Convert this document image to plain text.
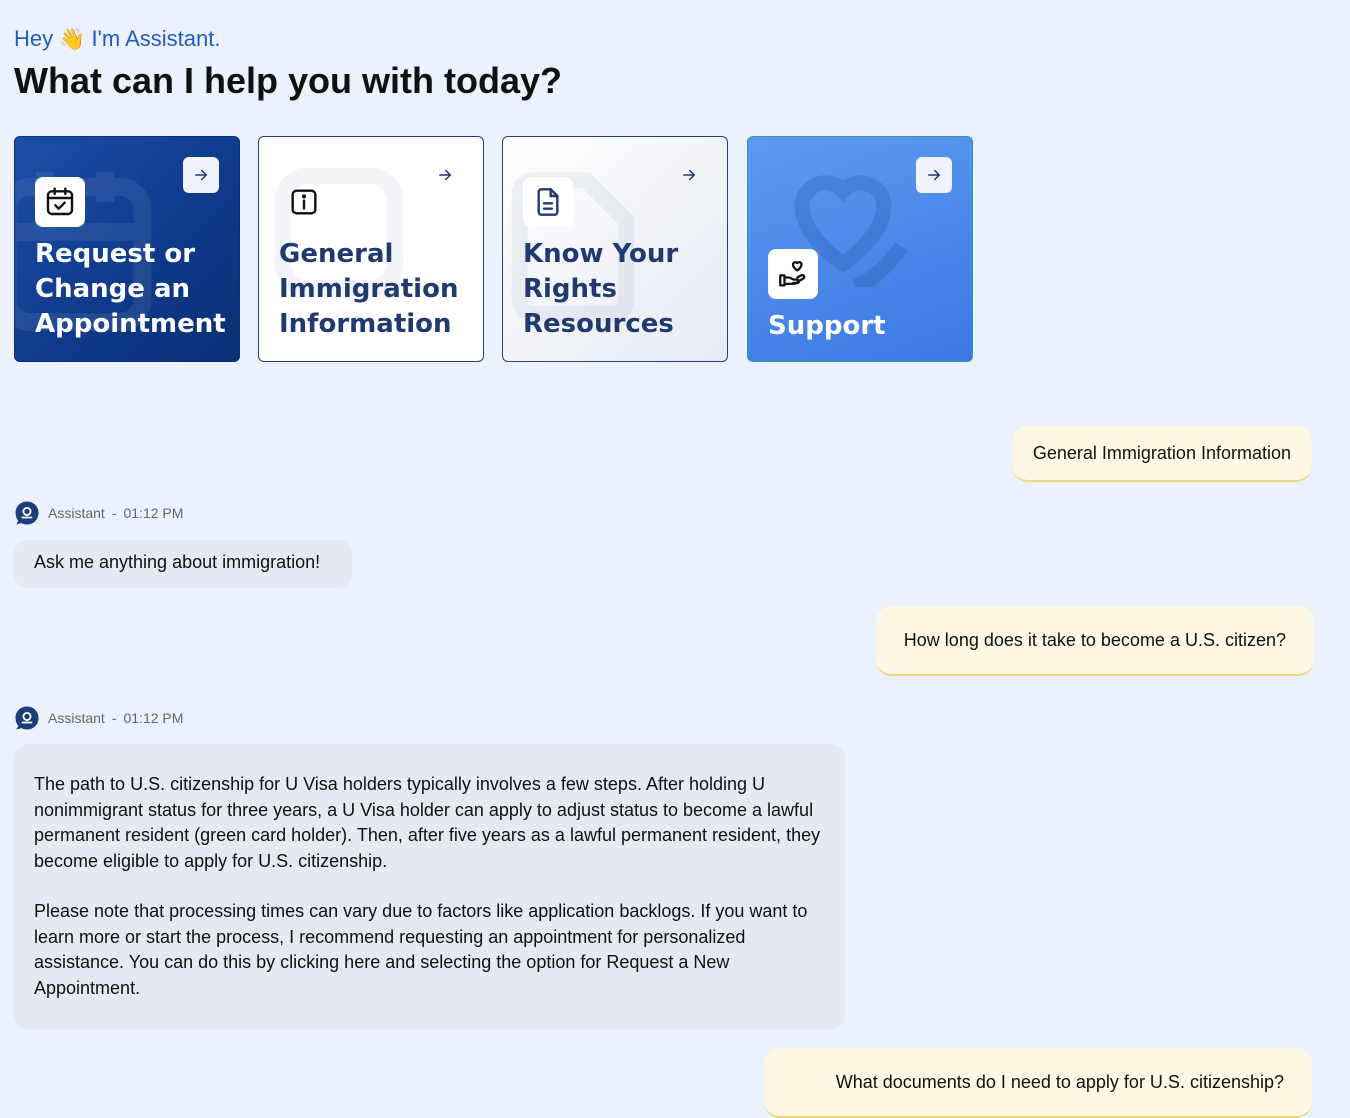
Hey 👋 I'm Assistant.
What can I help you with today?
Request or Change an Appointment
General Immigration Information
Know Your Rights Resources	Support
General Immigration Information
Assistant - 01:12 PM
Ask me anything about immigration!
How long does it take to become a U.S. citizen?
Assistant - 01:12 PM

The path to U.S. citizenship for U Visa holders typically involves a few steps. After holding U nonimmigrant status for three years, a U Visa holder can apply to adjust status to become a lawful permanent resident (green card holder). Then, after five years as a lawful permanent resident, they become eligible to apply for U.S. citizenship.

Please note that processing times can vary due to factors like application backlogs. If you want to learn more or start the process, I recommend requesting an appointment for personalized assistance. You can do this by clicking here and selecting the option for Request a New Appointment.

What documents do I need to apply for U.S. citizenship?
